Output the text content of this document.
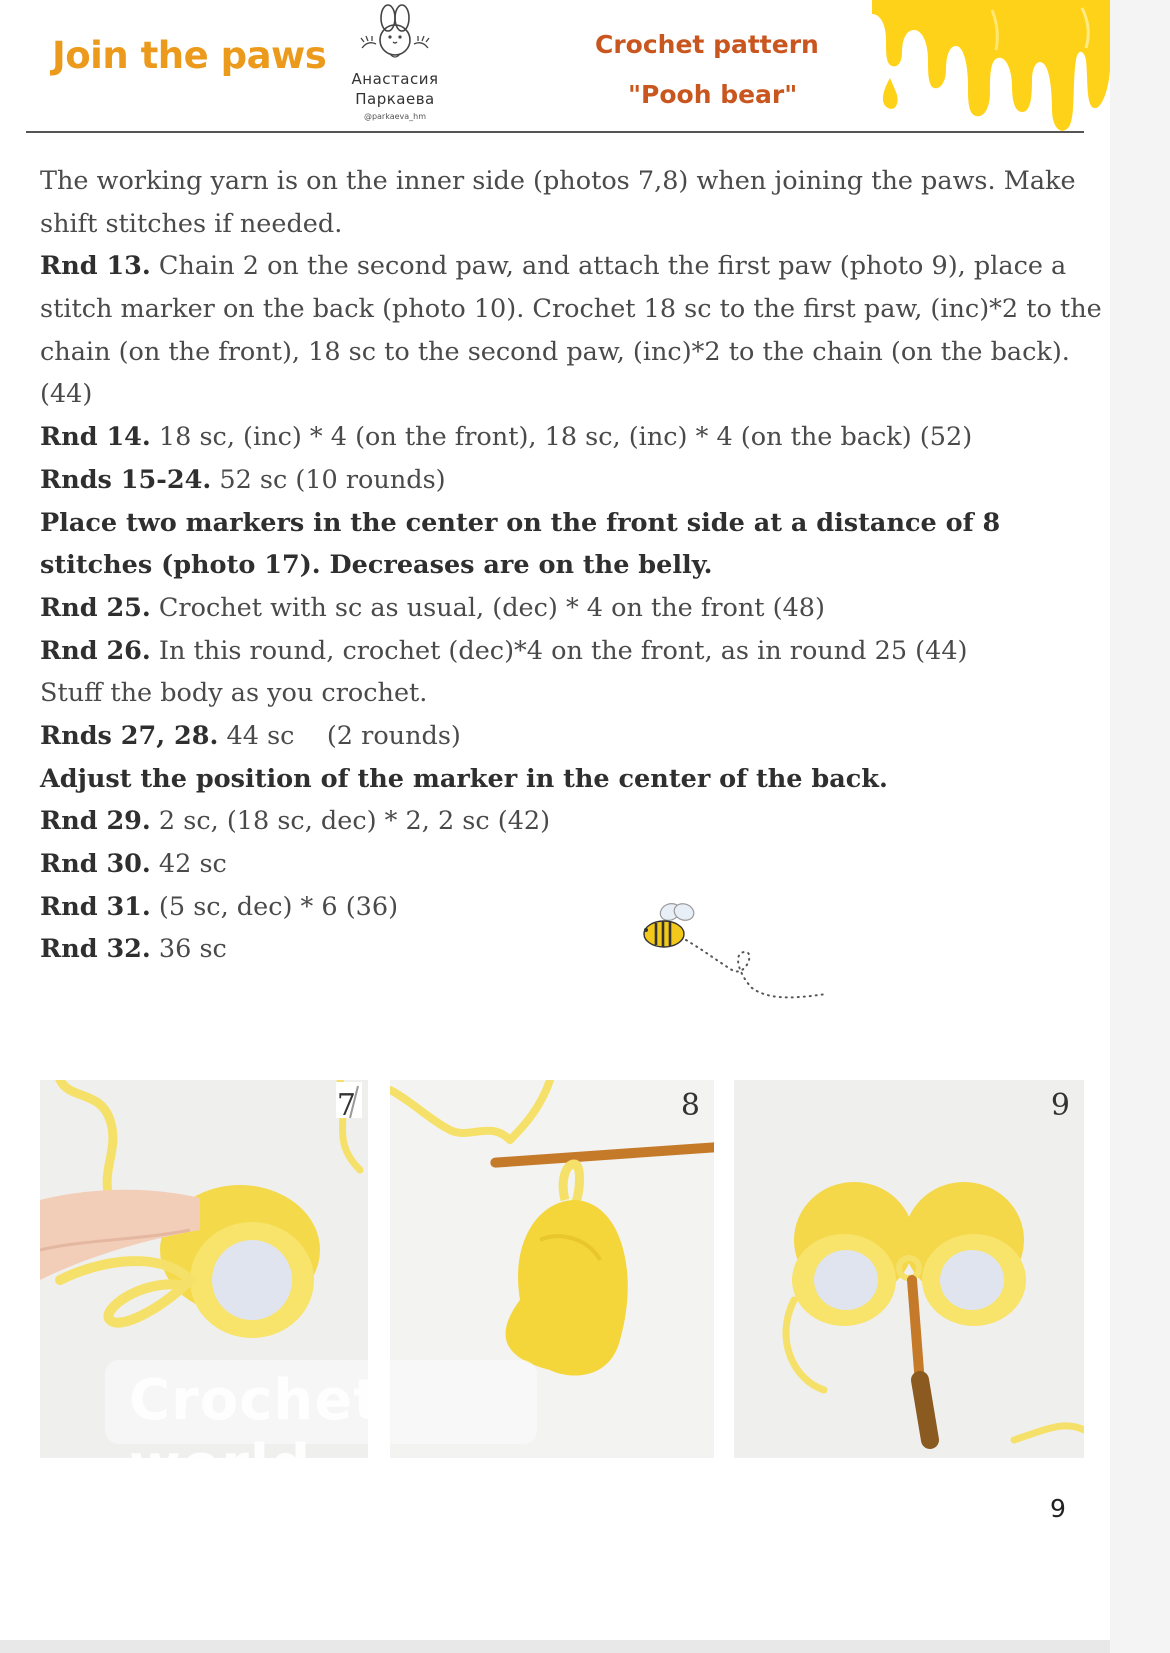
Join the paws
Анастасия
Паркаева
@parkaeva_hm
Crochet pattern
"Pooh bear"
The working yarn is on the inner side (photos 7,8) when joining the paws. Make
shift stitches if needed.
Rnd 13. Chain 2 on the second paw, and attach the first paw (photo 9), place a
stitch marker on the back (photo 10). Crochet 18 sc to the first paw, (inc)*2 to the
chain (on the front), 18 sc to the second paw, (inc)*2 to the chain (on the back).
(44)
Rnd 14. 18 sc, (inc) * 4 (on the front), 18 sc, (inc) * 4 (on the back) (52)
Rnds 15-24. 52 sc (10 rounds)
Place two markers in the center on the front side at a distance of 8
stitches (photo 17). Decreases are on the belly.
Rnd 25. Crochet with sc as usual, (dec) * 4 on the front (48)
Rnd 26. In this round, crochet (dec)*4 on the front, as in round 25 (44)
Stuff the body as you crochet.
Rnds 27, 28. 44 sc    (2 rounds)
Adjust the position of the marker in the center of the back.
Rnd 29. 2 sc, (18 sc, dec) * 2, 2 sc (42)
Rnd 30. 42 sc
Rnd 31. (5 sc, dec) * 6 (36)
Rnd 32. 36 sc
7	8	9
Crochet world
9
